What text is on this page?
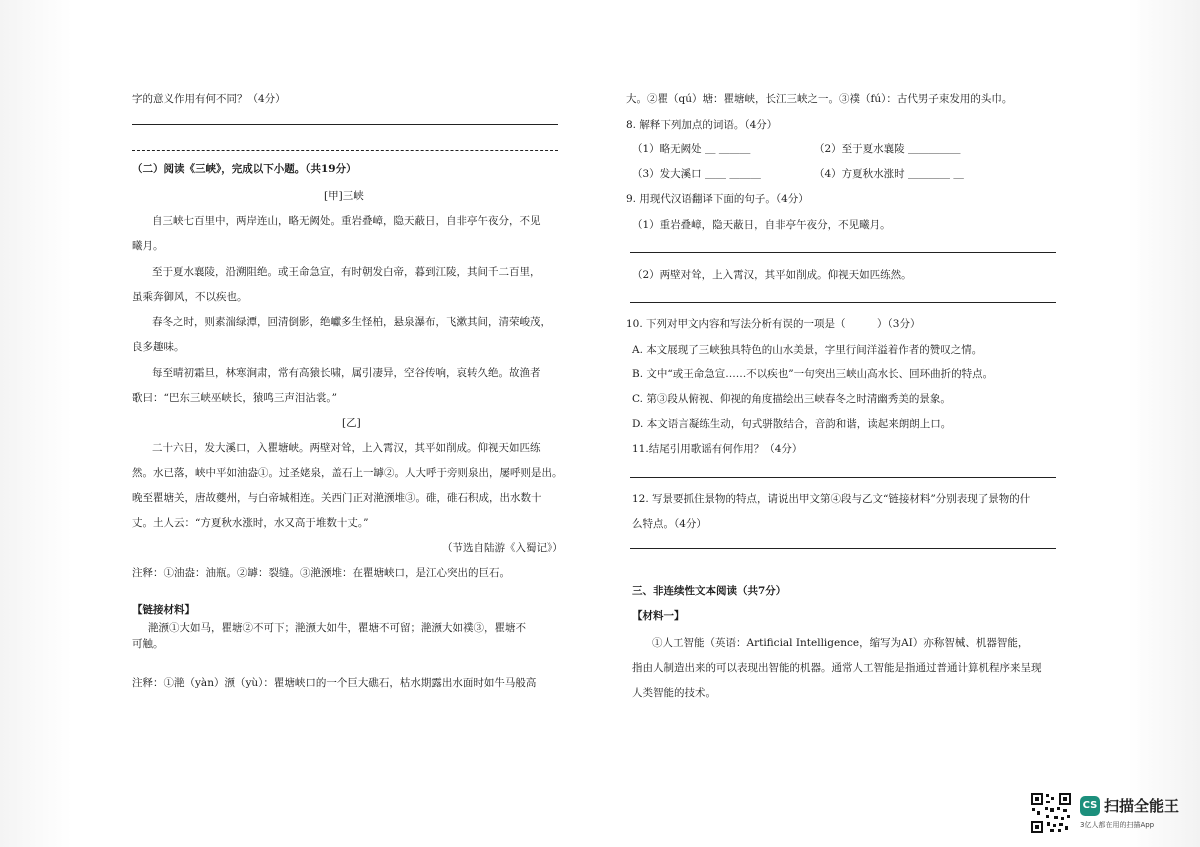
字的意义作用有何不同？（4分）
（二）阅读《三峡》，完成以下小题。（共19分）
[甲]三峡
自三峡七百里中，两岸连山，略无阙处。重岩叠嶂，隐天蔽日，自非亭午夜分，不见
曦月。
至于夏水襄陵，沿溯阻绝。或王命急宣，有时朝发白帝，暮到江陵，其间千二百里，
虽乘奔御风，不以疾也。
春冬之时，则素湍绿潭，回清倒影，绝巘多生怪柏，悬泉瀑布，飞漱其间，清荣峻茂，
良多趣味。
每至晴初霜旦，林寒涧肃，常有高猿长啸，属引凄异，空谷传响，哀转久绝。故渔者
歌曰：“巴东三峡巫峡长，猿鸣三声泪沾裳。”
[乙]
二十六日，发大溪口，入瞿塘峡。两壁对耸，上入霄汉，其平如削成。仰视天如匹练
然。水已落，峡中平如油盎①。过圣姥泉，盖石上一罅②。人大呼于旁则泉出，屡呼则是出。
晚至瞿塘关，唐故夔州，与白帝城相连。关西门正对滟滪堆③。碓，碓石积成，出水数十
丈。土人云：“方夏秋水涨时，水又高于堆数十丈。”
（节选自陆游《入蜀记》）
注释：①油盎：油瓶。②罅：裂缝。③滟滪堆：在瞿塘峡口，是江心突出的巨石。
【链接材料】
滟滪①大如马，瞿塘②不可下；滟滪大如牛，瞿塘不可留；滟滪大如襆③，瞿塘不
可触。
注释：①滟（yàn）滪（yù）：瞿塘峡口的一个巨大礁石，枯水期露出水面时如牛马般高
大。②瞿（qú）塘：瞿塘峡，长江三峡之一。③襆（fú）：古代男子束发用的头巾。
8. 解释下列加点的词语。（4分）
（1）略无阙处 ＿ ＿＿＿	（2）至于夏水襄陵 ＿＿＿＿＿
（3）发大溪口 ＿＿ ＿＿＿	（4）方夏秋水涨时 ＿＿＿＿ ＿
9. 用现代汉语翻译下面的句子。（4分）
（1）重岩叠嶂，隐天蔽日，自非亭午夜分，不见曦月。
（2）两壁对耸，上入霄汉，其平如削成。仰视天如匹练然。
10. 下列对甲文内容和写法分析有误的一项是（　　　）（3分）
A. 本文展现了三峡独具特色的山水美景，字里行间洋溢着作者的赞叹之情。
B. 文中“或王命急宣……不以疾也”一句突出三峡山高水长、回环曲折的特点。
C. 第③段从俯视、仰视的角度描绘出三峡春冬之时清幽秀美的景象。
D. 本文语言凝练生动，句式骈散结合，音韵和谐，读起来朗朗上口。
11.结尾引用歌谣有何作用？（4分）
12. 写景要抓住景物的特点，请说出甲文第④段与乙文“链接材料”分别表现了景物的什
么特点。（4分）
三、非连续性文本阅读（共7分）
【材料一】
①人工智能（英语：Artificial Intelligence，缩写为AI）亦称智械、机器智能，
指由人制造出来的可以表现出智能的机器。通常人工智能是指通过普通计算机程序来呈现
人类智能的技术。
CS 扫描全能王
3亿人都在用的扫描App
